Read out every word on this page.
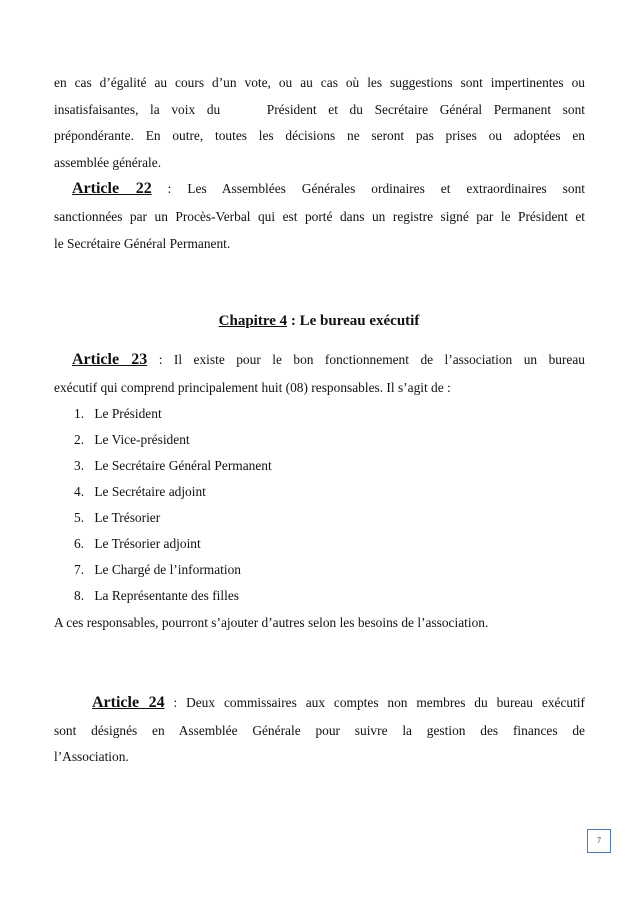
en cas d’égalité au cours d’un vote, ou au cas où les suggestions sont impertinentes ou
insatisfaisantes, la voix du    Président et du Secrétaire Général Permanent sont
prépondérante. En outre, toutes les décisions ne seront pas prises ou adoptées en
assemblée générale.
Article 22 : Les Assemblées Générales ordinaires et extraordinaires sont
sanctionnées par un Procès-Verbal qui est porté dans un registre signé par le Président et
le Secrétaire Général Permanent.
Chapitre 4 : Le bureau exécutif
Article 23 : Il existe pour le bon fonctionnement de l’association un bureau
exécutif qui comprend principalement huit (08) responsables. Il s’agit de :
1. Le Président
2. Le Vice-président
3. Le Secrétaire Général Permanent
4. Le Secrétaire adjoint
5. Le Trésorier
6. Le Trésorier adjoint
7. Le Chargé de l’information
8. La Représentante des filles
A ces responsables, pourront s’ajouter d’autres selon les besoins de l’association.
Article 24 : Deux commissaires aux comptes non membres du bureau exécutif
sont désignés en Assemblée Générale pour suivre la gestion des finances de
l’Association.
7
